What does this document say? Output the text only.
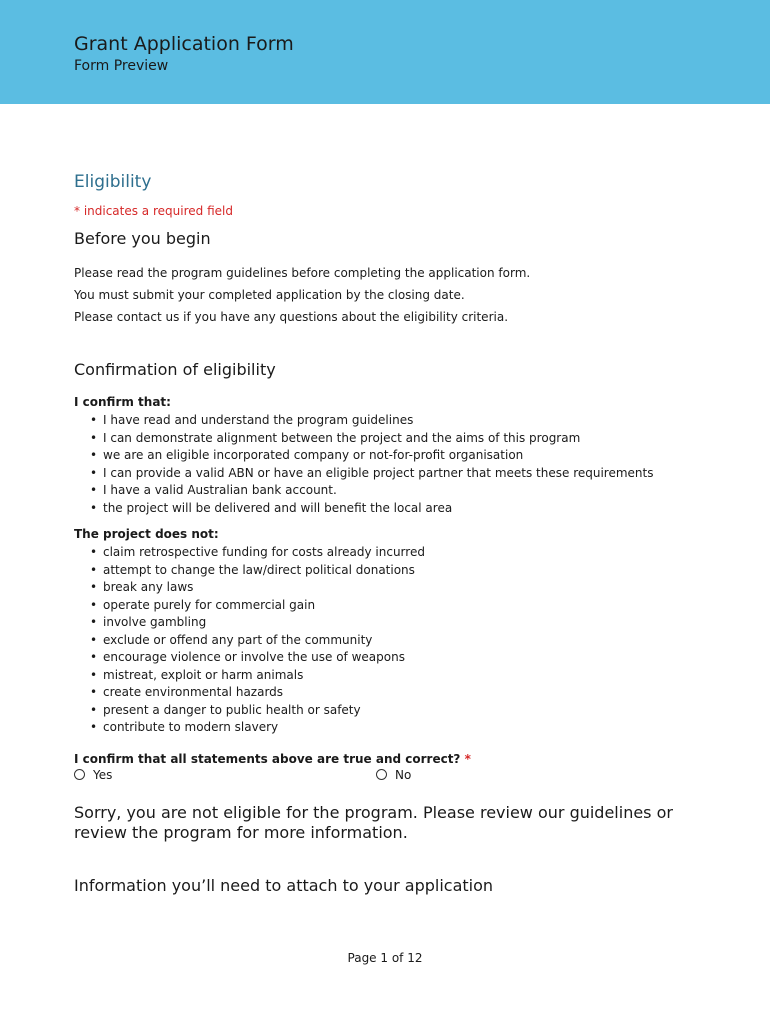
Grant Application Form
Form Preview
Eligibility
* indicates a required field
Before you begin
Please read the program guidelines before completing the application form.
You must submit your completed application by the closing date.
Please contact us if you have any questions about the eligibility criteria.
Confirmation of eligibility
I confirm that:
• I have read and understand the program guidelines
• I can demonstrate alignment between the project and the aims of this program
• we are an eligible incorporated company or not-for-profit organisation
• I can provide a valid ABN or have an eligible project partner that meets these requirements
• I have a valid Australian bank account.
• the project will be delivered and will benefit the local area
The project does not:
• claim retrospective funding for costs already incurred
• attempt to change the law/direct political donations
• break any laws
• operate purely for commercial gain
• involve gambling
• exclude or offend any part of the community
• encourage violence or involve the use of weapons
• mistreat, exploit or harm animals
• create environmental hazards
• present a danger to public health or safety
• contribute to modern slavery
I confirm that all statements above are true and correct? *
Yes	No
Sorry, you are not eligible for the program. Please review our guidelines or review the program for more information.
Information you’ll need to attach to your application
Page 1 of 12
